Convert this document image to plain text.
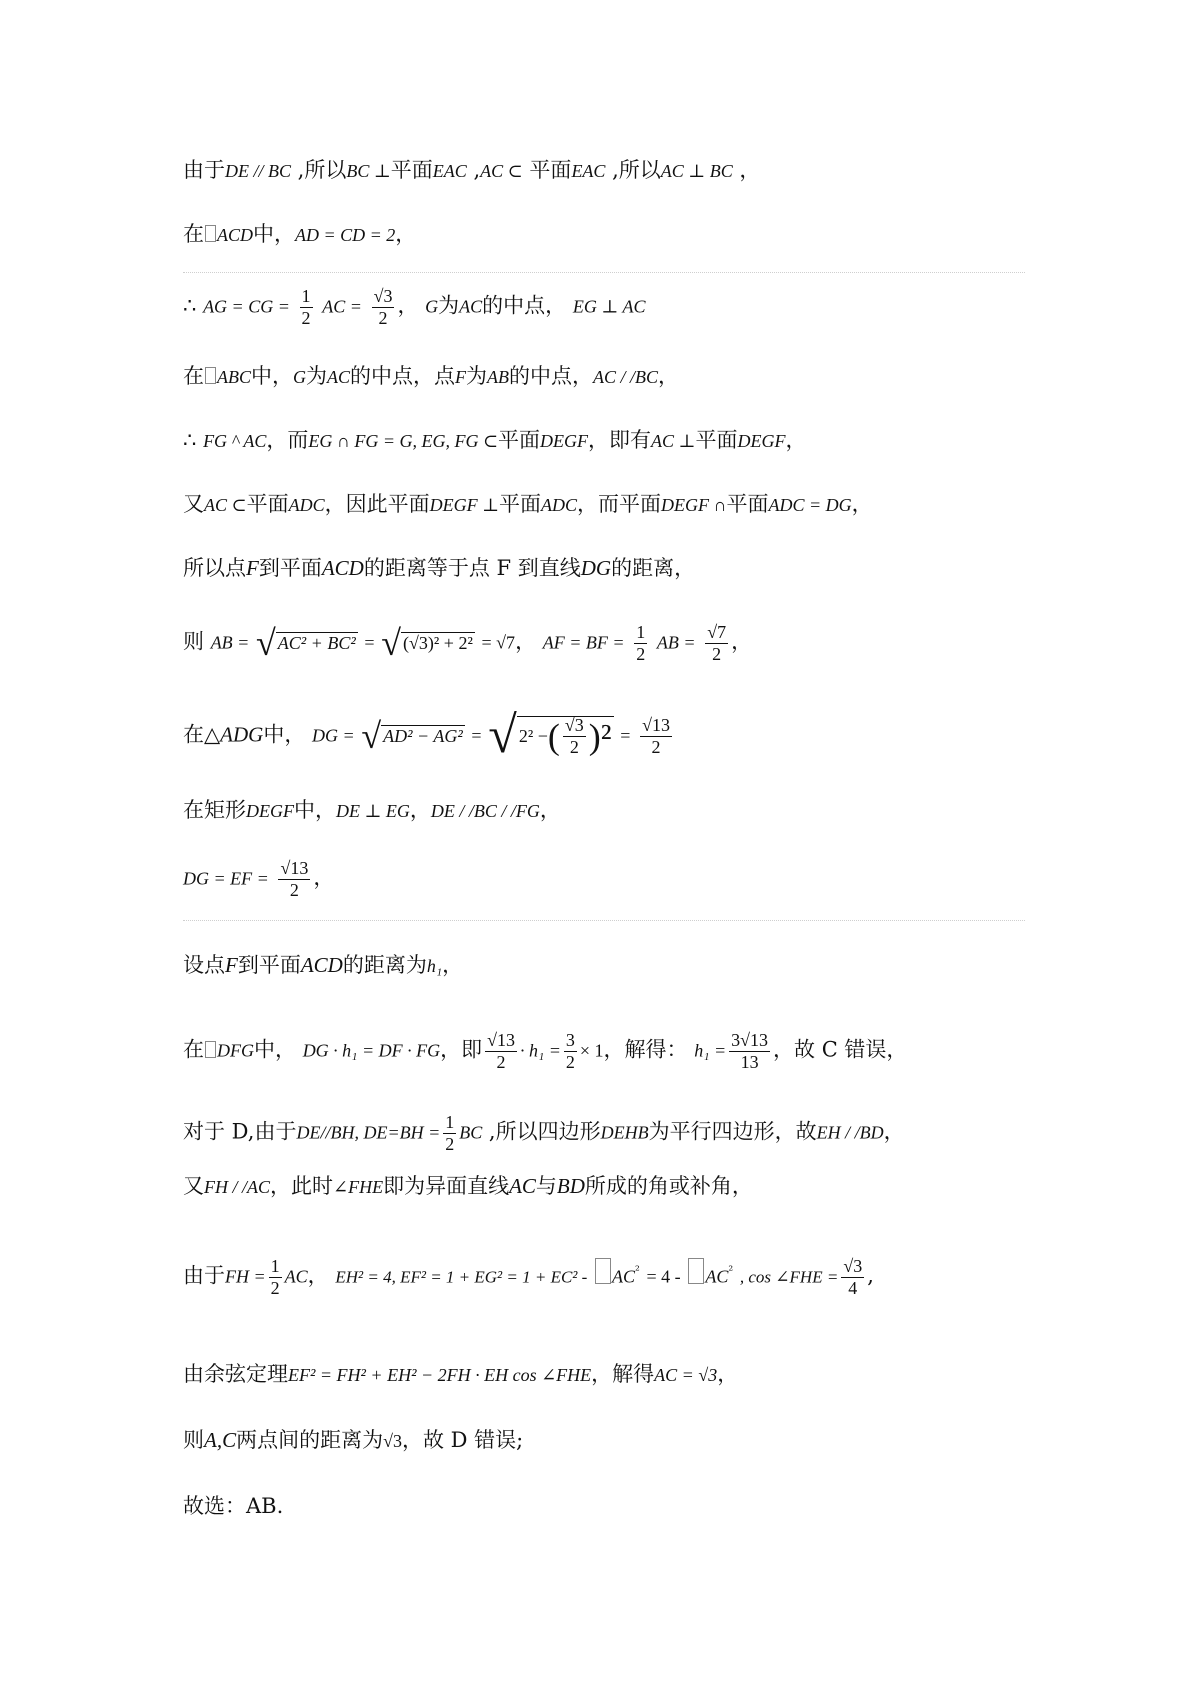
由于DE // BC ,所以BC ⊥平面EAC ,AC ⊂ 平面EAC ,所以AC ⊥ BC ，
在 ACD中，AD = CD = 2，
∴ AG = CG = $\frac{1}{2}$ AC = $\frac{√3}{2}$ ， G为AC的中点， EG ⊥ AC
在 ABC中，G为AC的中点，点F为AB的中点，AC / /BC，
∴ FG ^ AC，而EG ∩ FG = G, EG, FG ⊂平面DEGF，即有AC ⊥平面DEGF，
又AC ⊂平面ADC，因此平面DEGF ⊥平面ADC，而平面DEGF ∩平面ADC = DG，
所以点F到平面ACD的距离等于点 F 到直线DG的距离，
则 AB = √ AC² + BC² = √ (√3)² + 2² = √7， AF = BF = $\frac{1}{2}$ AB = $\frac{√7}{2}$ ，
在△ADG中， DG = √ AD² − AG² = √ 2² −( $\frac{√3}{2} )^2 = \frac{√13}{2}$
在矩形DEGF中，DE ⊥ EG，DE / /BC / /FG，
DG = EF = $\frac{√13}{2}$ ，
设点F到平面ACD的距离为h₁，
在 DFG中， DG · h₁ = DF · FG，即 $\frac{√13}{2} \cdot h_1 = \frac{3}{2} \times 1$，解得： $h_1 = \frac{3√13}{13}$ ，故 C 错误，
对于 D,由于DE//BH, $DE=BH = \frac{1}{2}$ BC ,所以四边形DEHB为平行四边形，故EH / /BD，
又FH / /AC，此时∠FHE即为异面直线AC与BD所成的角或补角，
由于FH = $\frac{1}{2}$ AC， EH² = 4, $EF^2 = 1 + EG^2 = 1 + EC^2 - AC^{^2} = 4 - AC^{^2}$ , cos ∠FHE = $\frac{√3}{4}$ ,
由余弦定理EF² = FH² + EH² − 2FH · EH cos ∠FHE，解得AC = √3，
则A,C两点间的距离为√3，故 D 错误;
故选：AB.
